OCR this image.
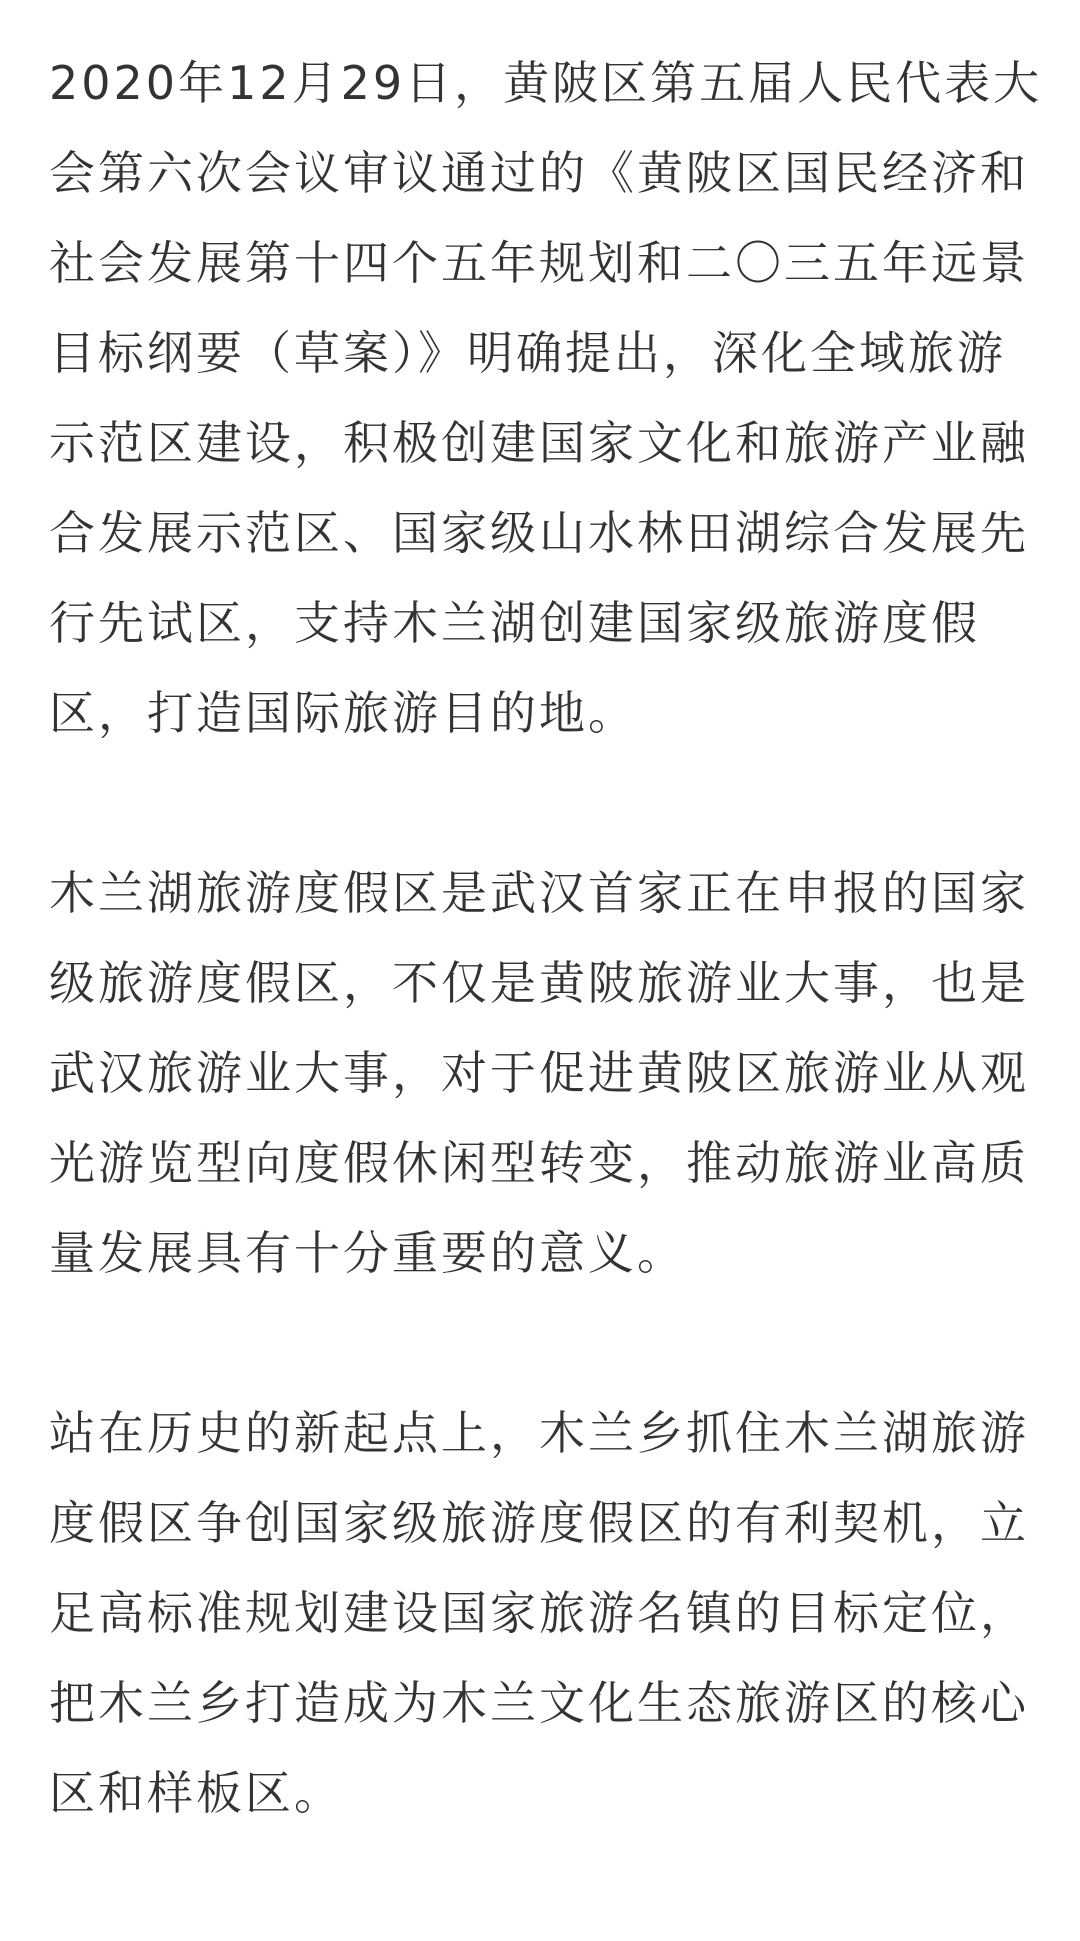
2020年12月29日，黄陂区第五届人民代表大
会第六次会议审议通过的《黄陂区国民经济和
社会发展第十四个五年规划和二〇三五年远景
目标纲要（草案）》明确提出，深化全域旅游
示范区建设，积极创建国家文化和旅游产业融
合发展示范区、国家级山水林田湖综合发展先
行先试区，支持木兰湖创建国家级旅游度假
区，打造国际旅游目的地。
木兰湖旅游度假区是武汉首家正在申报的国家
级旅游度假区，不仅是黄陂旅游业大事，也是
武汉旅游业大事，对于促进黄陂区旅游业从观
光游览型向度假休闲型转变，推动旅游业高质
量发展具有十分重要的意义。
站在历史的新起点上，木兰乡抓住木兰湖旅游
度假区争创国家级旅游度假区的有利契机，立
足高标准规划建设国家旅游名镇的目标定位，
把木兰乡打造成为木兰文化生态旅游区的核心
区和样板区。
